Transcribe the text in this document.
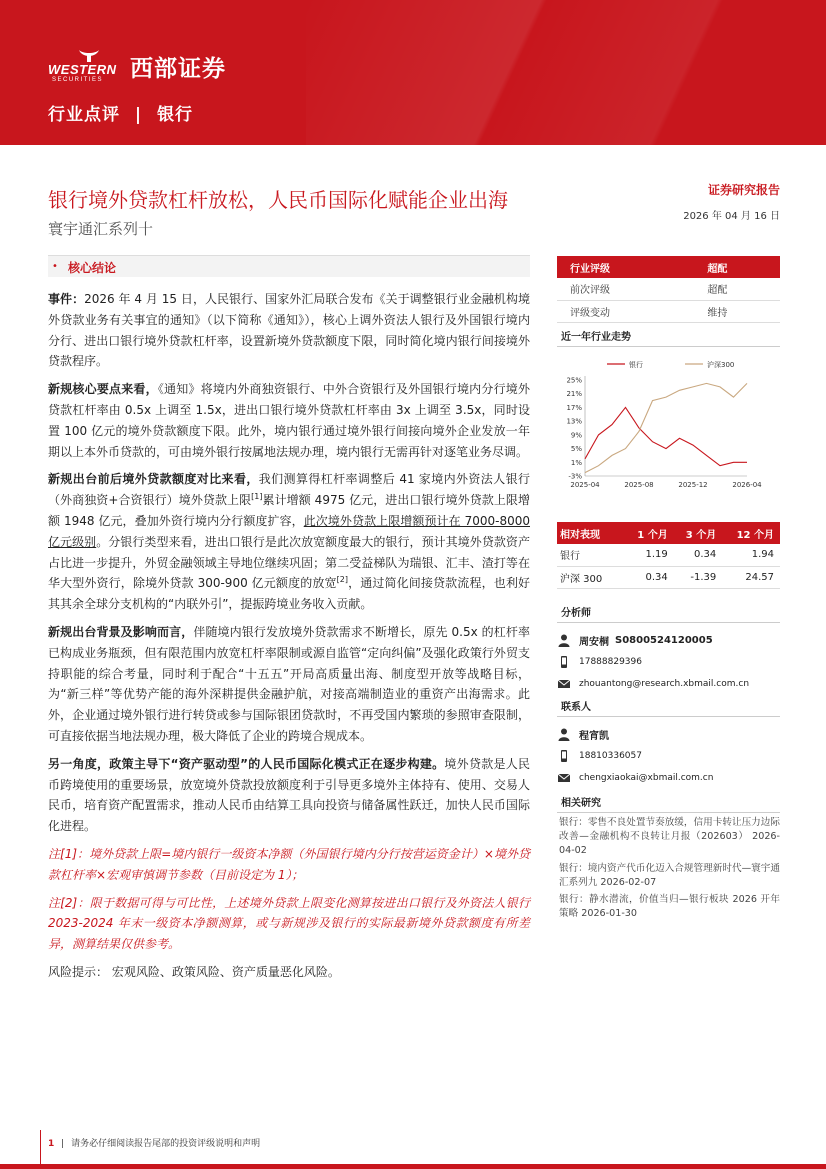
WESTERN
SECURITIES 西部证券
行业点评 | 银行
银行境外贷款杠杆放松，人民币国际化赋能企业出海
寰宇通汇系列十
证券研究报告
2026 年 04 月 16 日
• 核心结论

事件：2026 年 4 月 15 日，人民银行、国家外汇局联合发布《关于调整银行业金融机构境外贷款业务有关事宜的通知》（以下简称《通知》），核心上调外资法人银行及外国银行境内分行、进出口银行境外贷款杠杆率，设置新境外贷款额度下限，同时简化境内银行间接境外贷款程序。

新规核心要点来看，《通知》将境内外商独资银行、中外合资银行及外国银行境内分行境外贷款杠杆率由 0.5x 上调至 1.5x，进出口银行境外贷款杠杆率由 3x 上调至 3.5x，同时设置 100 亿元的境外贷款额度下限。此外，境内银行通过境外银行间接向境外企业发放一年期以上本外币贷款的，可由境外银行按属地法规办理，境内银行无需再针对逐笔业务尽调。

新规出台前后境外贷款额度对比来看，我们测算得杠杆率调整后 41 家境内外资法人银行（外商独资+合资银行）境外贷款上限[1]累计增额 4975 亿元，进出口银行境外贷款上限增额 1948 亿元，叠加外资行境内分行额度扩容，此次境外贷款上限增额预计在 7000-8000 亿元级别。分银行类型来看，进出口银行是此次放宽额度最大的银行，预计其境外贷款资产占比进一步提升，外贸金融领域主导地位继续巩固；第二受益梯队为瑞银、汇丰、渣打等在华大型外资行，除境外贷款 300-900 亿元额度的放宽[2]，通过简化间接贷款流程，也利好其其余全球分支机构的“内联外引”，提振跨境业务收入贡献。

新规出台背景及影响而言，伴随境内银行发放境外贷款需求不断增长，原先 0.5x 的杠杆率已构成业务瓶颈，但有限范围内放宽杠杆率限制或源自监管“定向纠偏”及强化政策行外贸支持职能的综合考量，同时利于配合“十五五”开局高质量出海、制度型开放等战略目标，为“新三样”等优势产能的海外深耕提供金融护航，对接高端制造业的重资产出海需求。此外，企业通过境外银行进行转贷或参与国际银团贷款时，不再受国内繁琐的参照审查限制，可直接依据当地法规办理，极大降低了企业的跨境合规成本。

另一角度，政策主导下“资产驱动型”的人民币国际化模式正在逐步构建。境外贷款是人民币跨境使用的重要场景，放宽境外贷款投放额度利于引导更多境外主体持有、使用、交易人民币，培育资产配置需求，推动人民币由结算工具向投资与储备属性跃迁，加快人民币国际化进程。

注[1]：境外贷款上限=境内银行一级资本净额（外国银行境内分行按营运资金计）×境外贷款杠杆率×宏观审慎调节参数（目前设定为 1）；

注[2]：限于数据可得与可比性，上述境外贷款上限变化测算按进出口银行及外资法人银行 2023-2024 年末一级资本净额测算，或与新规涉及银行的实际最新境外贷款额度有所差异，测算结果仅供参考。

风险提示： 宏观风险、政策风险、资产质量恶化风险。

行业评级	超配
前次评级	超配
评级变动	维持
近一年行业走势
银行	沪深300
25%
21%
17%
13%
9%
5%
1%
-3%
2025-04	2025-08	2025-12	2026-04
相对表现	1 个月	3 个月	12 个月
银行	1.19	0.34	1.94
沪深 300	0.34	-1.39	24.57
分析师
周安桐 S0800524120005
17888829396
zhouantong@research.xbmail.com.cn
联系人
程宵凯
18810336057
chengxiaokai@xbmail.com.cn
相关研究
银行：零售不良处置节奏放缓，信用卡转让压力边际改善—金融机构不良转让月报（202603） 2026-04-02
银行：境内资产代币化迈入合规管理新时代—寰宇通汇系列九 2026-02-07
银行：静水潜流，价值当归—银行板块 2026 开年策略 2026-01-30
1 | 请务必仔细阅读报告尾部的投资评级说明和声明
